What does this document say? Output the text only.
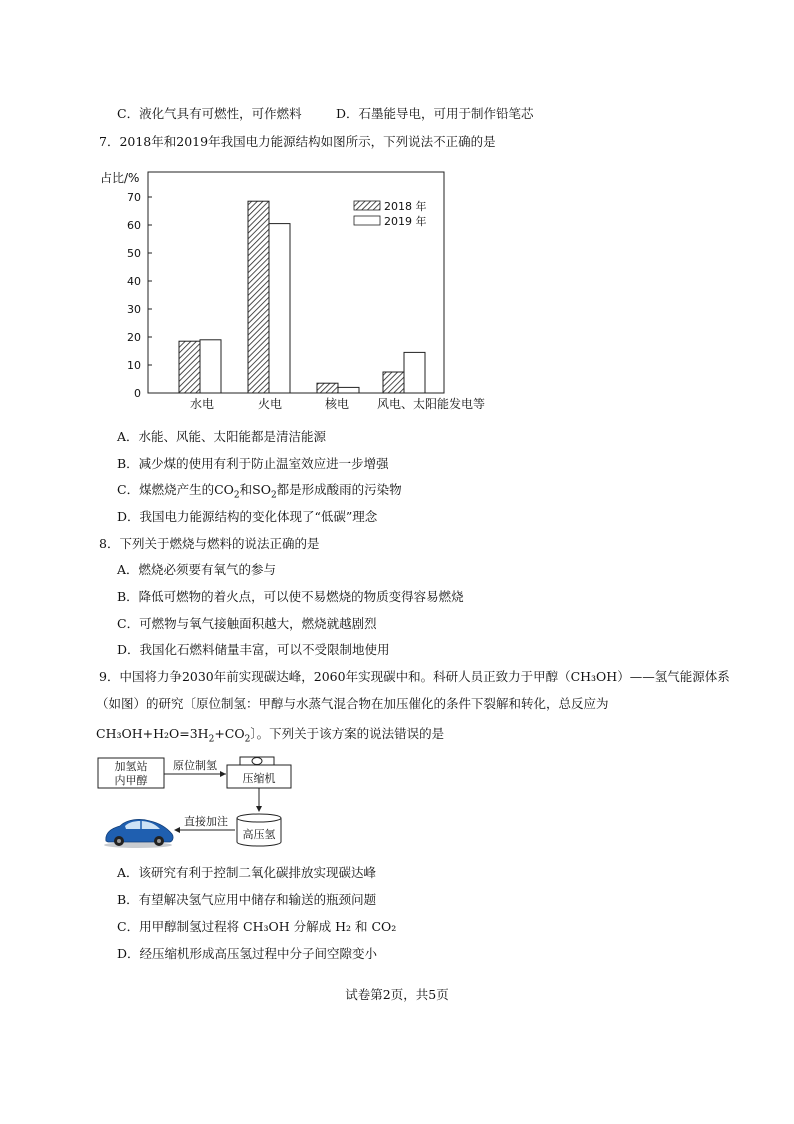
C．液化气具有可燃性，可作燃料	D．石墨能导电，可用于制作铅笔芯
7．2018年和2019年我国电力能源结构如图所示，下列说法不正确的是
占比/%
0
10
20
30
40
50
60
70
水电	火电	核电 风电、太阳能发电等
2018 年
2019 年
A．水能、风能、太阳能都是清洁能源
B．减少煤的使用有利于防止温室效应进一步增强
C．煤燃烧产生的$CO_2$和$SO_2$都是形成酸雨的污染物
D．我国电力能源结构的变化体现了“低碳”理念
8．下列关于燃烧与燃料的说法正确的是
A．燃烧必须要有氧气的参与
B．降低可燃物的着火点，可以使不易燃烧的物质变得容易燃烧
C．可燃物与氧气接触面积越大，燃烧就越剧烈
D．我国化石燃料储量丰富，可以不受限制地使用
9．中国将力争2030年前实现碳达峰，2060年实现碳中和。科研人员正致力于甲醇（CH₃OH）——氢气能源体系
（如图）的研究〔原位制氢：甲醇与水蒸气混合物在加压催化的条件下裂解和转化，总反应为
$CH_3OH+H_2O=3H_2+CO_2$〕。下列关于该方案的说法错误的是
加氢站
内甲醇
原位制氢
压缩机
高压氢
直接加注
A．该研究有利于控制二氧化碳排放实现碳达峰
B．有望解决氢气应用中储存和输送的瓶颈问题
C．用甲醇制氢过程将 CH₃OH 分解成 H₂ 和 CO₂
D．经压缩机形成高压氢过程中分子间空隙变小
试卷第2页，共5页
